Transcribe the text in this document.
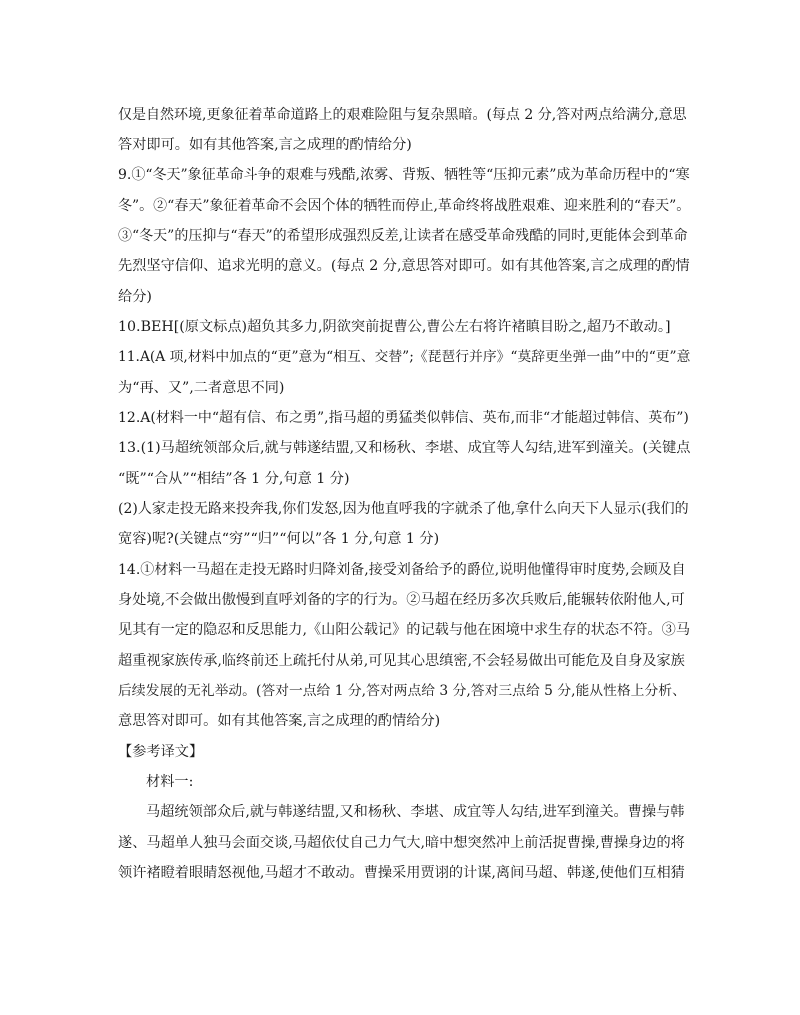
仅是自然环境,更象征着革命道路上的艰难险阻与复杂黑暗。(每点 2 分,答对两点给满分,意思
答对即可。如有其他答案,言之成理的酌情给分)
9.①“冬天”象征革命斗争的艰难与残酷,浓雾、背叛、牺牲等“压抑元素”成为革命历程中的“寒
冬”。②“春天”象征着革命不会因个体的牺牲而停止,革命终将战胜艰难、迎来胜利的“春天”。
③“冬天”的压抑与“春天”的希望形成强烈反差,让读者在感受革命残酷的同时,更能体会到革命
先烈坚守信仰、追求光明的意义。(每点 2 分,意思答对即可。如有其他答案,言之成理的酌情
给分)
10.BEH[(原文标点)超负其多力,阴欲突前捉曹公,曹公左右将许褚瞋目盼之,超乃不敢动。]
11.A(A 项,材料中加点的“更”意为“相互、交替”;《琵琶行并序》“莫辞更坐弹一曲”中的“更”意
为“再、又”,二者意思不同)
12.A(材料一中“超有信、布之勇”,指马超的勇猛类似韩信、英布,而非“才能超过韩信、英布”)
13.(1)马超统领部众后,就与韩遂结盟,又和杨秋、李堪、成宜等人勾结,进军到潼关。(关键点
“既”“合从”“相结”各 1 分,句意 1 分)
(2)人家走投无路来投奔我,你们发怒,因为他直呼我的字就杀了他,拿什么向天下人显示(我们的
宽容)呢?(关键点“穷”“归”“何以”各 1 分,句意 1 分)
14.①材料一马超在走投无路时归降刘备,接受刘备给予的爵位,说明他懂得审时度势,会顾及自
身处境,不会做出傲慢到直呼刘备的字的行为。②马超在经历多次兵败后,能辗转依附他人,可
见其有一定的隐忍和反思能力,《山阳公载记》的记载与他在困境中求生存的状态不符。③马
超重视家族传承,临终前还上疏托付从弟,可见其心思缜密,不会轻易做出可能危及自身及家族
后续发展的无礼举动。(答对一点给 1 分,答对两点给 3 分,答对三点给 5 分,能从性格上分析、
意思答对即可。如有其他答案,言之成理的酌情给分)
【参考译文】
材料一:
马超统领部众后,就与韩遂结盟,又和杨秋、李堪、成宜等人勾结,进军到潼关。曹操与韩
遂、马超单人独马会面交谈,马超依仗自己力气大,暗中想突然冲上前活捉曹操,曹操身边的将
领许褚瞪着眼睛怒视他,马超才不敢动。曹操采用贾诩的计谋,离间马超、韩遂,使他们互相猜
